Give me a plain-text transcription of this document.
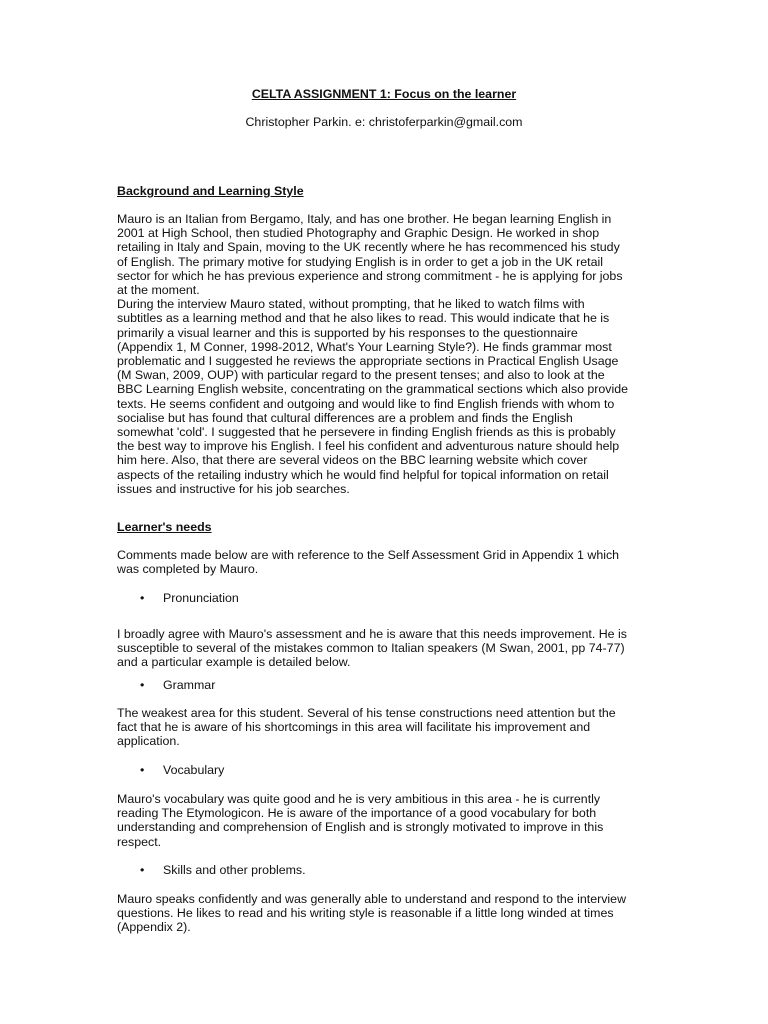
CELTA ASSIGNMENT 1: Focus on the learner
Christopher Parkin. e: christoferparkin@gmail.com
Background and Learning Style

Mauro is an Italian from Bergamo, Italy, and has one brother. He began learning English in

2001 at High School, then studied Photography and Graphic Design. He worked in shop

retailing in Italy and Spain, moving to the UK recently where he has recommenced his study

of English. The primary motive for studying English is in order to get a job in the UK retail

sector for which he has previous experience and strong commitment - he is applying for jobs

at the moment.

During the interview Mauro stated, without prompting, that he liked to watch films with

subtitles as a learning method and that he also likes to read. This would indicate that he is

primarily a visual learner and this is supported by his responses to the questionnaire

(Appendix 1, M Conner, 1998-2012, What's Your Learning Style?). He finds grammar most

problematic and I suggested he reviews the appropriate sections in Practical English Usage

(M Swan, 2009, OUP) with particular regard to the present tenses; and also to look at the

BBC Learning English website, concentrating on the grammatical sections which also provide

texts. He seems confident and outgoing and would like to find English friends with whom to

socialise but has found that cultural differences are a problem and finds the English

somewhat 'cold'. I suggested that he persevere in finding English friends as this is probably

the best way to improve his English. I feel his confident and adventurous nature should help

him here. Also, that there are several videos on the BBC learning website which cover

aspects of the retailing industry which he would find helpful for topical information on retail

issues and instructive for his job searches.

Learner's needs

Comments made below are with reference to the Self Assessment Grid in Appendix 1 which

was completed by Mauro.

• Pronunciation

I broadly agree with Mauro's assessment and he is aware that this needs improvement. He is

susceptible to several of the mistakes common to Italian speakers (M Swan, 2001, pp 74-77)

and a particular example is detailed below.

• Grammar

The weakest area for this student. Several of his tense constructions need attention but the

fact that he is aware of his shortcomings in this area will facilitate his improvement and

application.

• Vocabulary

Mauro's vocabulary was quite good and he is very ambitious in this area - he is currently

reading The Etymologicon. He is aware of the importance of a good vocabulary for both

understanding and comprehension of English and is strongly motivated to improve in this

respect.

• Skills and other problems.

Mauro speaks confidently and was generally able to understand and respond to the interview

questions. He likes to read and his writing style is reasonable if a little long winded at times

(Appendix 2).
